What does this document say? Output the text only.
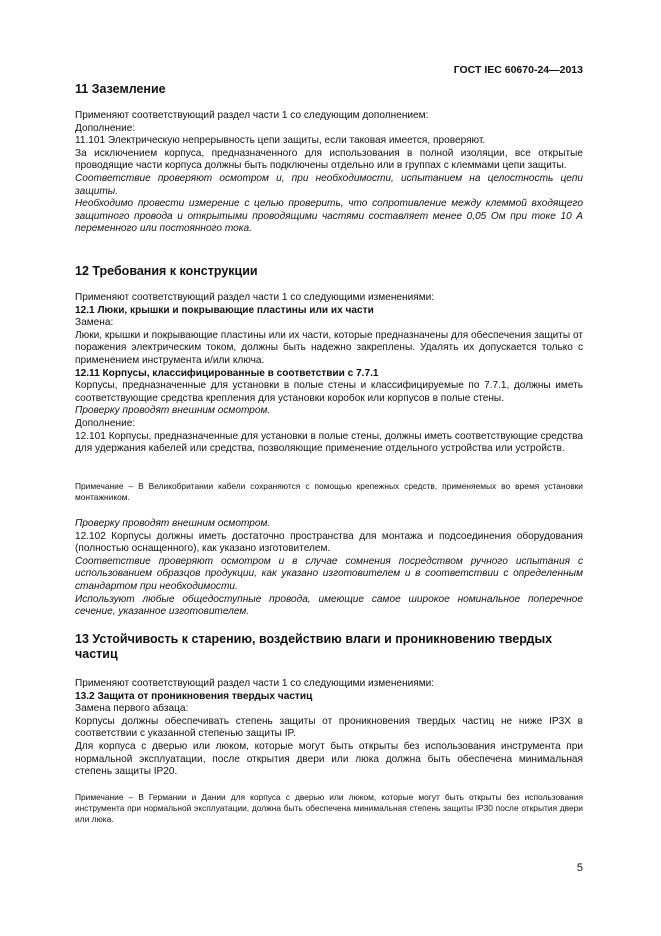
ГОСТ IEC 60670-24—2013
11 Заземление

Применяют соответствующий раздел части 1 со следующим дополнением:

Дополнение:

11.101 Электрическую непрерывность цепи защиты, если таковая имеется, проверяют.

За исключением корпуса, предназначенного для использования в полной изоляции, все открытые проводящие части корпуса должны быть подключены отдельно или в группах с клеммами цепи защиты.

Соответствие проверяют осмотром и, при необходимости, испытанием на целостность цепи защиты.

Необходимо провести измерение с целью проверить, что сопротивление между клеммой входящего защитного провода и открытыми проводящими частями составляет менее 0,05 Ом при токе 10 А переменного или постоянного тока.

12 Требования к конструкции

Применяют соответствующий раздел части 1 со следующими изменениями:

12.1 Люки, крышки и покрывающие пластины или их части

Замена:

Люки, крышки и покрывающие пластины или их части, которые предназначены для обеспечения защиты от поражения электрическим током, должны быть надежно закреплены. Удалять их допускается только с применением инструмента и/или ключа.

12.11 Корпусы, классифицированные в соответствии с 7.7.1

Корпусы, предназначенные для установки в полые стены и классифицируемые по 7.7.1, должны иметь соответствующие средства крепления для установки коробок или корпусов в полые стены.

Проверку проводят внешним осмотром.

Дополнение:

12.101 Корпусы, предназначенные для установки в полые стены, должны иметь соответствующие средства для удержания кабелей или средства, позволяющие применение отдельного устройства или устройств.

Примечание – В Великобритании кабели сохраняются с помощью крепежных средств, применяемых во время установки монтажником.

Проверку проводят внешним осмотром.

12.102 Корпусы должны иметь достаточно пространства для монтажа и подсоединения оборудования (полностью оснащенного), как указано изготовителем.

Соответствие проверяют осмотром и в случае сомнения посредством ручного испытания с использованием образцов продукции, как указано изготовителем и в соответствии с определенным стандартом при необходимости.

Используют любые общедоступные провода, имеющие самое широкое номинальное поперечное сечение, указанное изготовителем.

13 Устойчивость к старению, воздействию влаги и проникновению твердых частиц

Применяют соответствующий раздел части 1 со следующими изменениями:

13.2 Защита от проникновения твердых частиц

Замена первого абзаца:

Корпусы должны обеспечивать степень защиты от проникновения твердых частиц не ниже IP3X в соответствии с указанной степенью защиты IP.

Для корпуса с дверью или люком, которые могут быть открыты без использования инструмента при нормальной эксплуатации, после открытия двери или люка должна быть обеспечена минимальная степень защиты IP20.

Примечание – В Германии и Дании для корпуса с дверью или люком, которые могут быть открыты без использования инструмента при нормальной эксплуатации, должна быть обеспечена минимальная степень защиты IP30 после открытия двери или люка.

5
